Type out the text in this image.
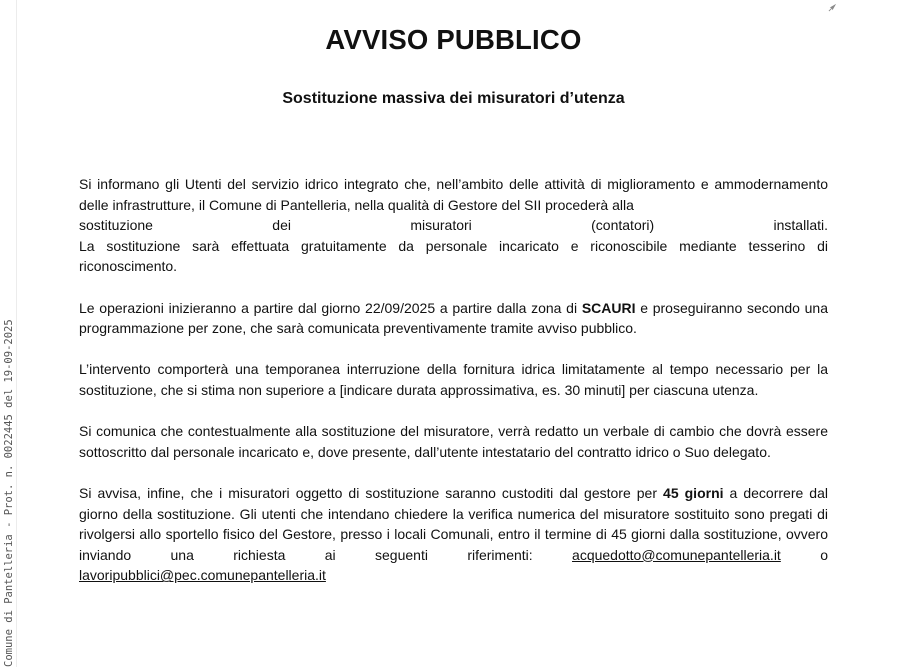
Comune di Pantelleria - Prot. n. 0022445 del 19-09-2025
AVVISO PUBBLICO
Sostituzione massiva dei misuratori d’utenza

Si informano gli Utenti del servizio idrico integrato che, nell’ambito delle attività di miglioramento e ammodernamento delle infrastrutture, il Comune di Pantelleria, nella qualità di Gestore del SII procederà alla
sostituzione dei misuratori (contatori) installati.
La sostituzione sarà effettuata gratuitamente da personale incaricato e riconoscibile mediante tesserino di riconoscimento.

Le operazioni inizieranno a partire dal giorno 22/09/2025 a partire dalla zona di SCAURI e proseguiranno secondo una programmazione per zone, che sarà comunicata preventivamente tramite avviso pubblico.

L’intervento comporterà una temporanea interruzione della fornitura idrica limitatamente al tempo necessario per la sostituzione, che si stima non superiore a [indicare durata approssimativa, es. 30 minuti] per ciascuna utenza.

Si comunica che contestualmente alla sostituzione del misuratore, verrà redatto un verbale di cambio che dovrà essere sottoscritto dal personale incaricato e, dove presente, dall’utente intestatario del contratto idrico o Suo delegato.

Si avvisa, infine, che i misuratori oggetto di sostituzione saranno custoditi dal gestore per 45 giorni a decorrere dal giorno della sostituzione. Gli utenti che intendano chiedere la verifica numerica del misuratore sostituito sono pregati di rivolgersi allo sportello fisico del Gestore, presso i locali Comunali, entro il termine di 45 giorni dalla sostituzione, ovvero inviando una richiesta ai seguenti riferimenti: acquedotto@comunepantelleria.it o lavoripubblici@pec.comunepantelleria.it
